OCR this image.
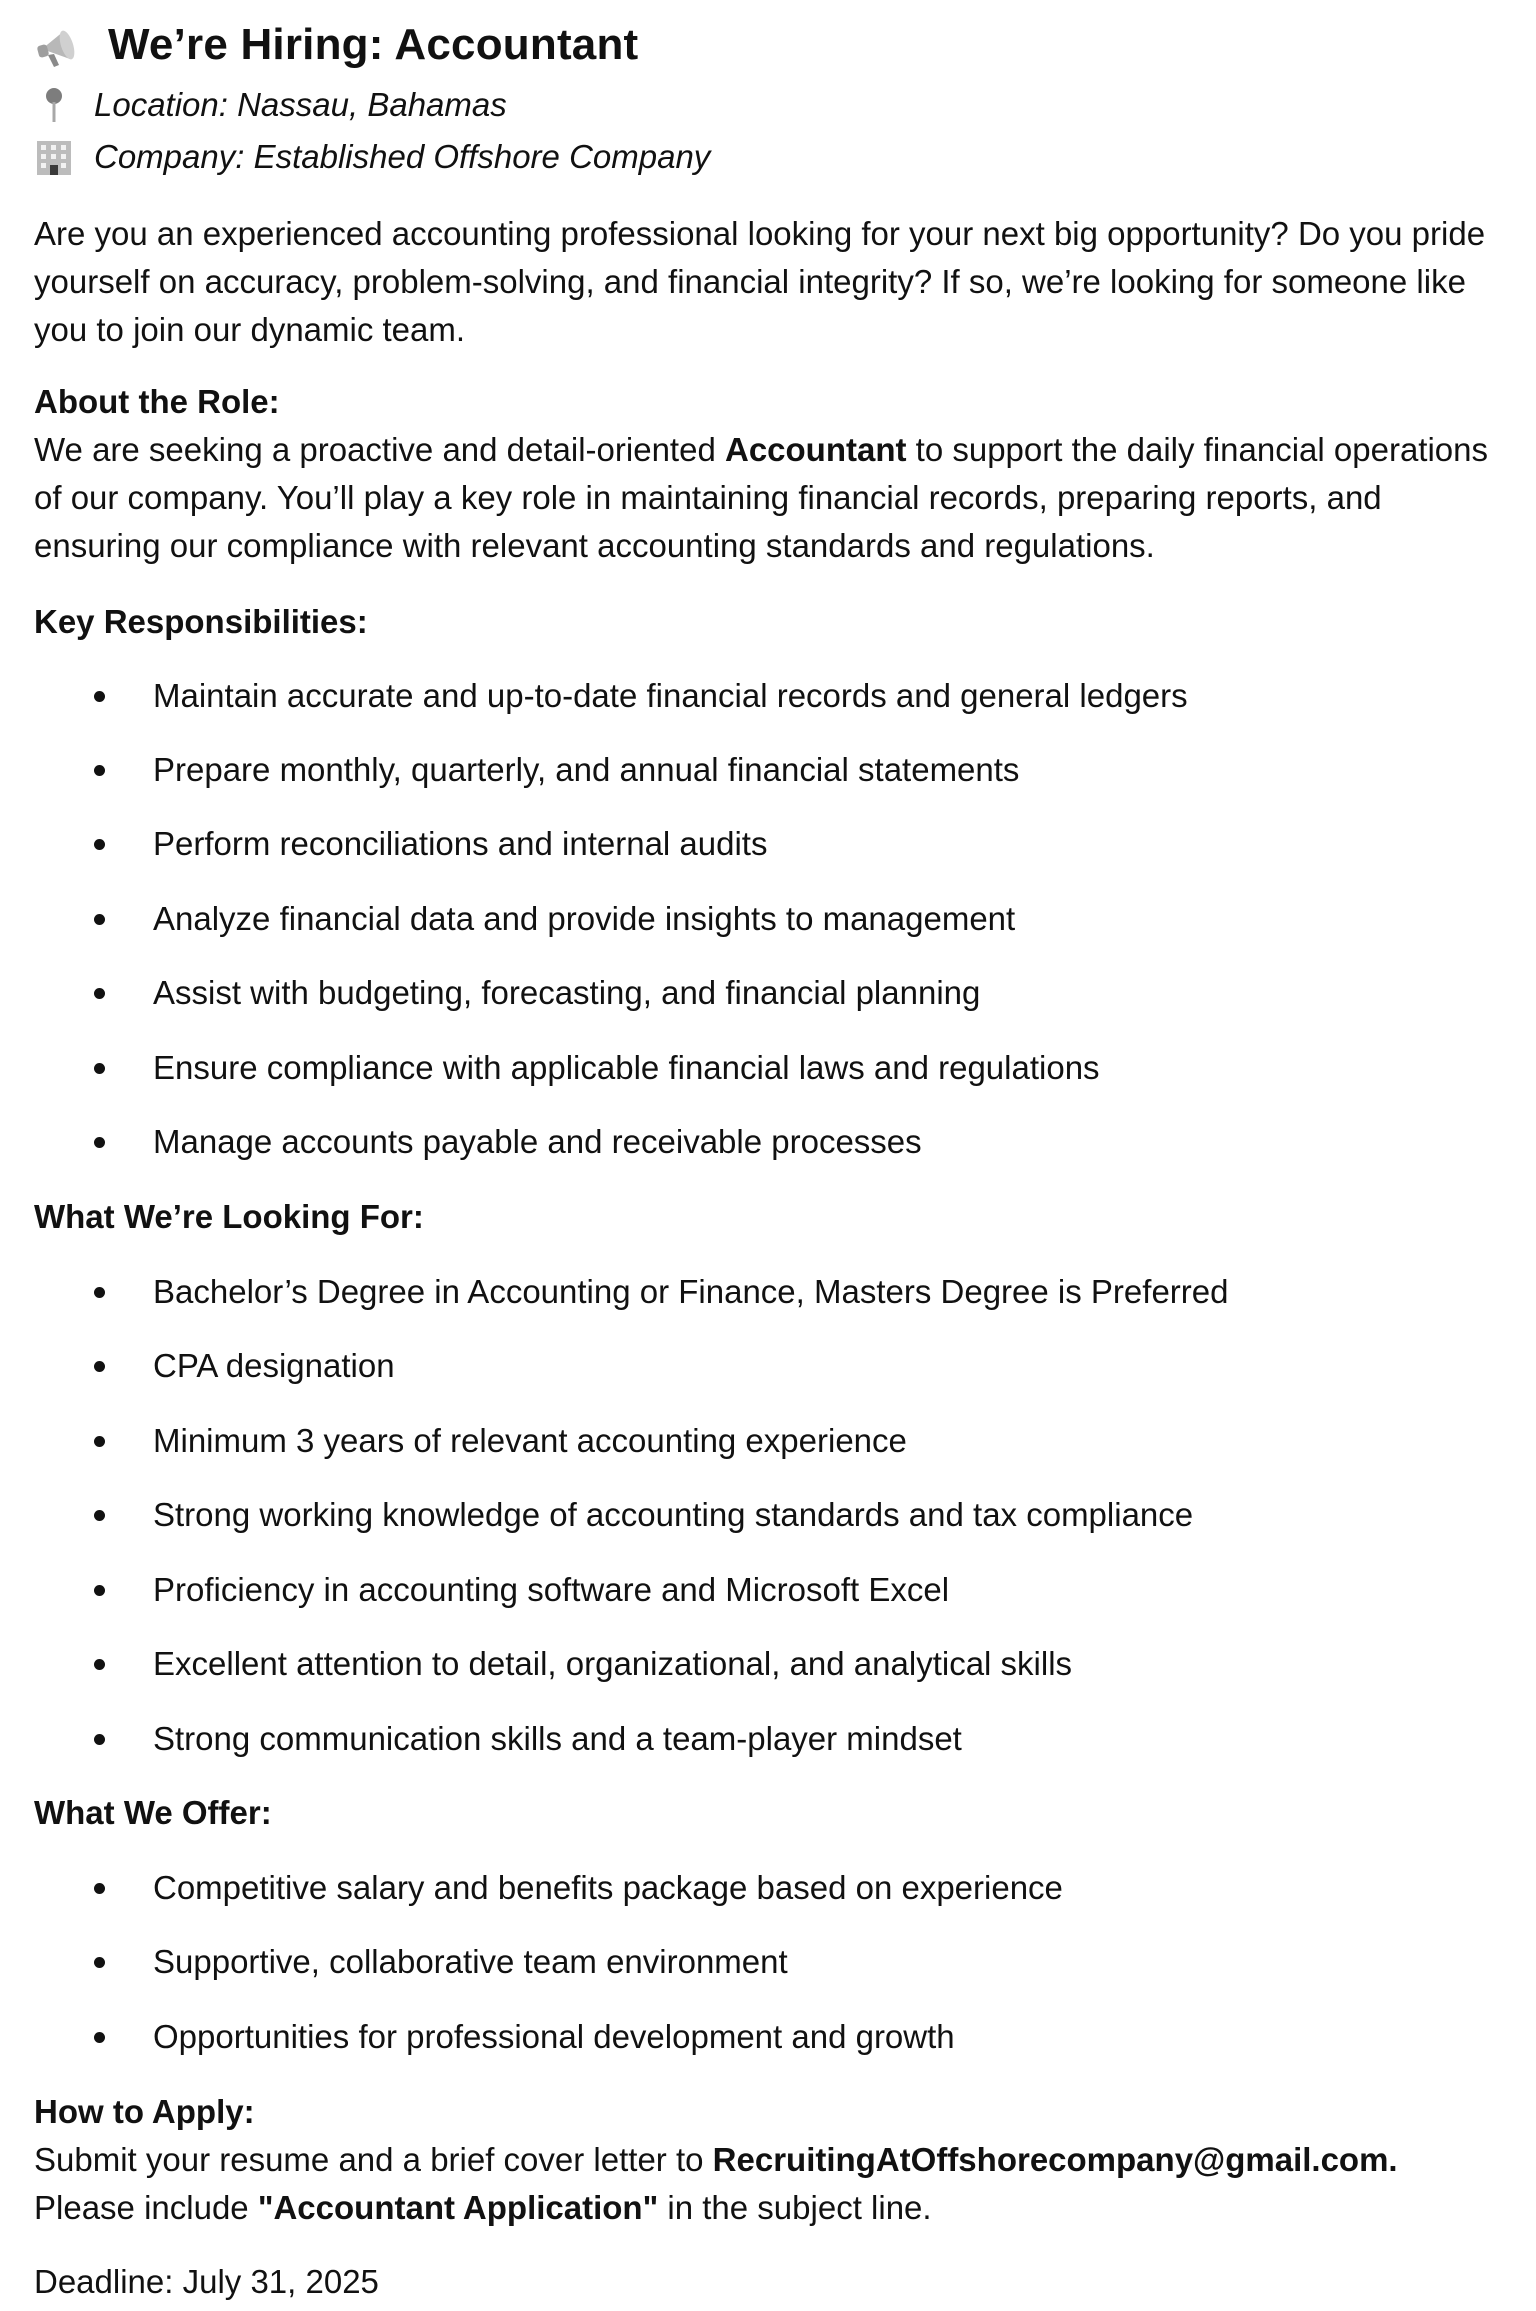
We’re Hiring: Accountant
Location: Nassau, Bahamas
Company: Established Offshore Company
Are you an experienced accounting professional looking for your next big opportunity? Do you pride yourself on accuracy, problem-solving, and financial integrity? If so, we’re looking for someone like you to join our dynamic team.
About the Role:
We are seeking a proactive and detail-oriented Accountant to support the daily financial operations of our company. You’ll play a key role in maintaining financial records, preparing reports, and ensuring our compliance with relevant accounting standards and regulations.
Key Responsibilities:
Maintain accurate and up-to-date financial records and general ledgers
Prepare monthly, quarterly, and annual financial statements
Perform reconciliations and internal audits
Analyze financial data and provide insights to management
Assist with budgeting, forecasting, and financial planning
Ensure compliance with applicable financial laws and regulations
Manage accounts payable and receivable processes
What We’re Looking For:
Bachelor’s Degree in Accounting or Finance, Masters Degree is Preferred
CPA designation
Minimum 3 years of relevant accounting experience
Strong working knowledge of accounting standards and tax compliance
Proficiency in accounting software and Microsoft Excel
Excellent attention to detail, organizational, and analytical skills
Strong communication skills and a team-player mindset
What We Offer:
Competitive salary and benefits package based on experience
Supportive, collaborative team environment
Opportunities for professional development and growth
How to Apply:
Submit your resume and a brief cover letter to RecruitingAtOffshorecompany@gmail.com.
Please include "Accountant Application" in the subject line.
Deadline: July 31, 2025
